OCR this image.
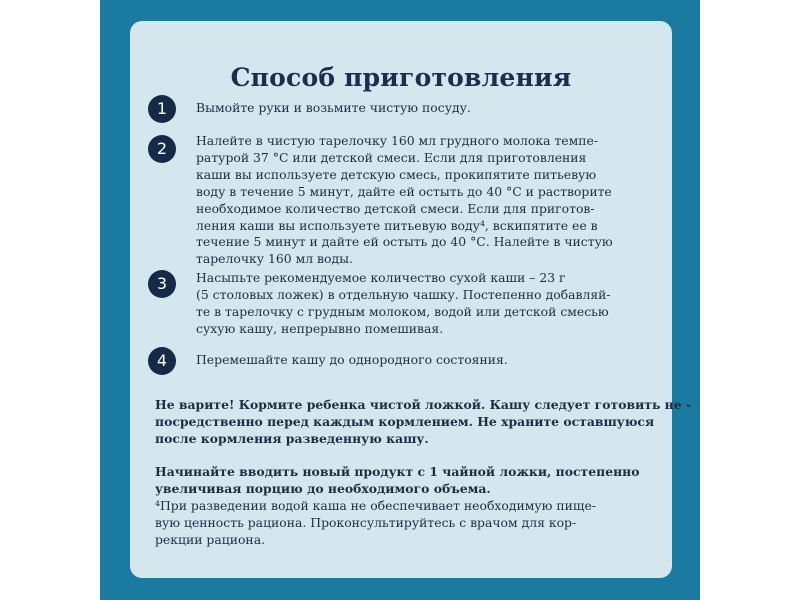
Способ приготовления
1	Вымойте руки и возьмите чистую посуду.
2	Налейте в чистую тарелочку 160 мл грудного молока темпе-
ратурой 37 °С или детской смеси. Если для приготовления
каши вы используете детскую смесь, прокипятите питьевую
воду в течение 5 минут, дайте ей остыть до 40 °С и растворите
необходимое количество детской смеси. Если для приготов-
ления каши вы используете питьевую воду⁴, вскипятите ее в
течение 5 минут и дайте ей остыть до 40 °С. Налейте в чистую
тарелочку 160 мл воды.
3	Насыпьте рекомендуемое количество сухой каши – 23 г
(5 столовых ложек) в отдельную чашку. Постепенно добавляй-
те в тарелочку с грудным молоком, водой или детской смесью
сухую кашу, непрерывно помешивая.
4	Перемешайте кашу до однородного состояния.
Не варите! Кормите ребенка чистой ложкой. Кашу следует готовить не -
посредственно перед каждым кормлением. Не храните оставшуюся
после кормления разведенную кашу.
Начинайте вводить новый продукт с 1 чайной ложки, постепенно
увеличивая порцию до необходимого объема.
⁴При разведении водой каша не обеспечивает необходимую пище-
вую ценность рациона. Проконсультируйтесь с врачом для кор-
рекции рациона.
